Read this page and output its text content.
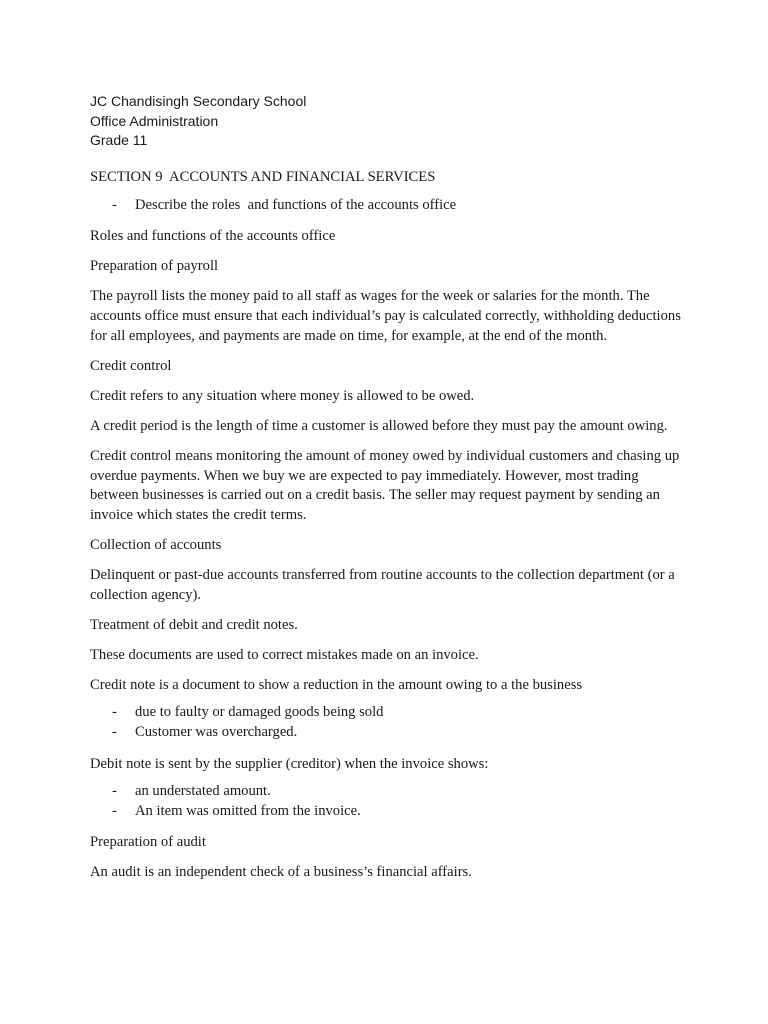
JC Chandisingh Secondary School
Office Administration
Grade 11

SECTION 9  ACCOUNTS AND FINANCIAL SERVICES

- Describe the roles  and functions of the accounts office

Roles and functions of the accounts office

Preparation of payroll

The payroll lists the money paid to all staff as wages for the week or salaries for the month. The accounts office must ensure that each individual’s pay is calculated correctly, withholding deductions for all employees, and payments are made on time, for example, at the end of the month.

Credit control

Credit refers to any situation where money is allowed to be owed.

A credit period is the length of time a customer is allowed before they must pay the amount owing.

Credit control means monitoring the amount of money owed by individual customers and chasing up overdue payments. When we buy we are expected to pay immediately. However, most trading between businesses is carried out on a credit basis. The seller may request payment by sending an invoice which states the credit terms.

Collection of accounts

Delinquent or past-due accounts transferred from routine accounts to the collection department (or a collection agency).

Treatment of debit and credit notes.

These documents are used to correct mistakes made on an invoice.

Credit note is a document to show a reduction in the amount owing to a the business

- due to faulty or damaged goods being sold
- Customer was overcharged.

Debit note is sent by the supplier (creditor) when the invoice shows:

- an understated amount.
- An item was omitted from the invoice.

Preparation of audit

An audit is an independent check of a business’s financial affairs.
